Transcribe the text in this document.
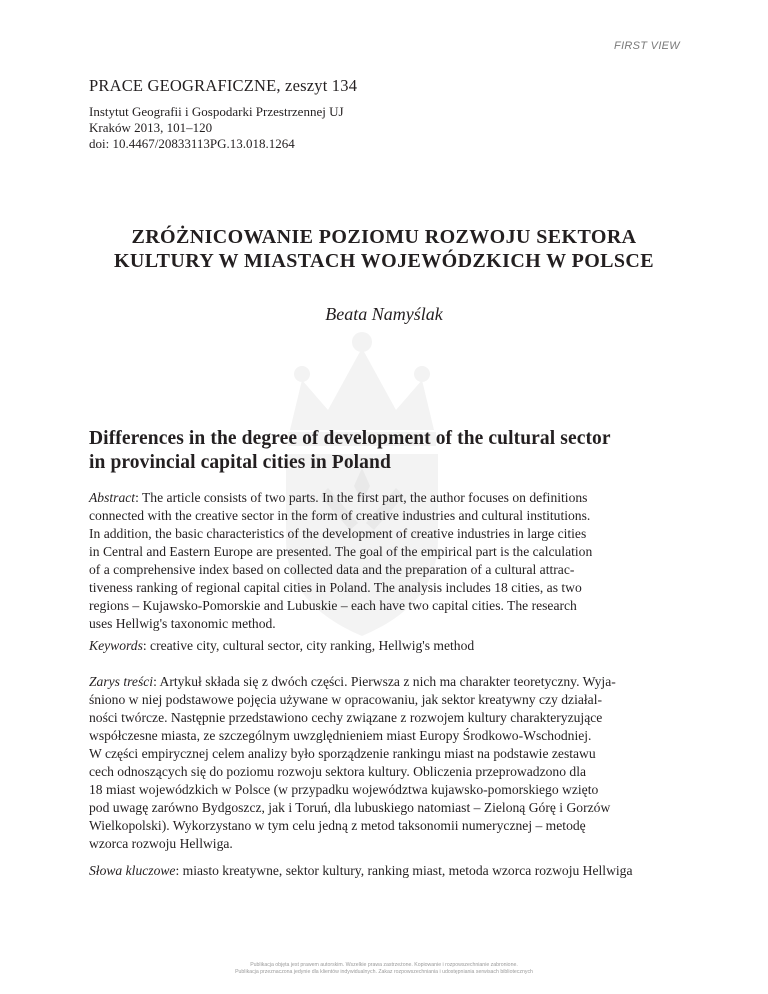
FIRST VIEW
PRACE GEOGRAFICZNE, zeszyt 134
Instytut Geografii i Gospodarki Przestrzennej UJ
Kraków 2013, 101–120
doi: 10.4467/20833113PG.13.018.1264
ZRÓŻNICOWANIE POZIOMU ROZWOJU SEKTORA
KULTURY W MIASTACH WOJEWÓDZKICH W POLSCE
Beata Namyślak
Differences in the degree of development of the cultural sector
in provincial capital cities in Poland
Abstract: The article consists of two parts. In the first part, the author focuses on definitions
connected with the creative sector in the form of creative industries and cultural institutions.
In addition, the basic characteristics of the development of creative industries in large cities
in Central and Eastern Europe are presented. The goal of the empirical part is the calculation
of a comprehensive index based on collected data and the preparation of a cultural attrac-
tiveness ranking of regional capital cities in Poland. The analysis includes 18 cities, as two
regions – Kujawsko-Pomorskie and Lubuskie – each have two capital cities. The research
uses Hellwig's taxonomic method.
Keywords: creative city, cultural sector, city ranking, Hellwig's method
Zarys treści: Artykuł składa się z dwóch części. Pierwsza z nich ma charakter teoretyczny. Wyja-
śniono w niej podstawowe pojęcia używane w opracowaniu, jak sektor kreatywny czy działal-
ności twórcze. Następnie przedstawiono cechy związane z rozwojem kultury charakteryzujące
współczesne miasta, ze szczególnym uwzględnieniem miast Europy Środkowo-Wschodniej.
W części empirycznej celem analizy było sporządzenie rankingu miast na podstawie zestawu
cech odnoszących się do poziomu rozwoju sektora kultury. Obliczenia przeprowadzono dla
18 miast wojewódzkich w Polsce (w przypadku województwa kujawsko-pomorskiego wzięto
pod uwagę zarówno Bydgoszcz, jak i Toruń, dla lubuskiego natomiast – Zieloną Górę i Gorzów
Wielkopolski). Wykorzystano w tym celu jedną z metod taksonomii numerycznej – metodę
wzorca rozwoju Hellwiga.
Słowa kluczowe: miasto kreatywne, sektor kultury, ranking miast, metoda wzorca rozwoju Hellwiga
Publikacja objęta jest prawem autorskim. Wszelkie prawa zastrzeżone. Kopiowanie i rozpowszechnianie zabronione.
Publikacja przeznaczona jedynie dla klientów indywidualnych. Zakaz rozpowszechniania i udostępniania serwisach bibliotecznych
